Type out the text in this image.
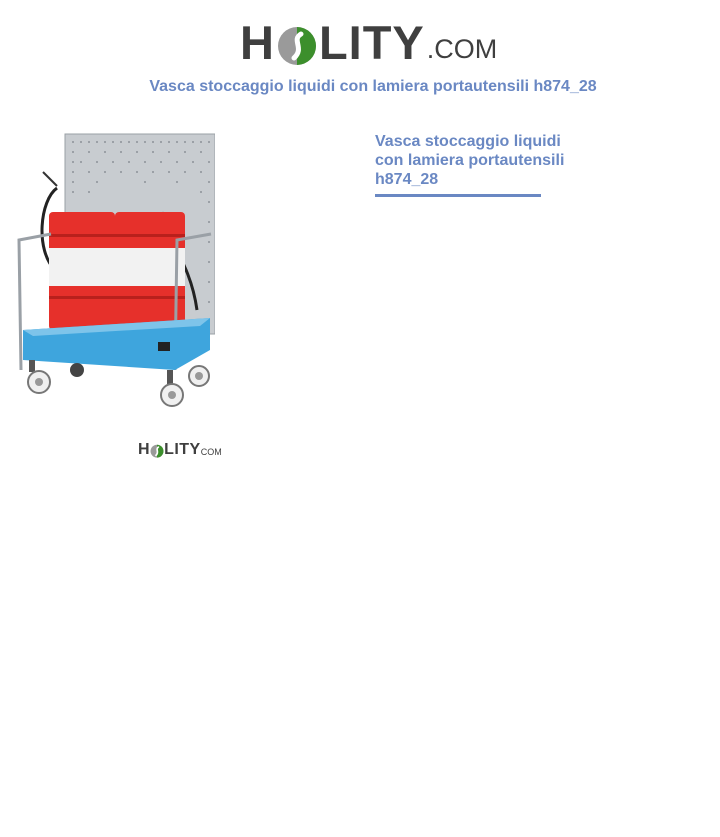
H LITY .COM
Vasca stoccaggio liquidi con lamiera portautensili h874_28
H LITY COM
Vasca stoccaggio liquidi con lamiera portautensili h874_28
